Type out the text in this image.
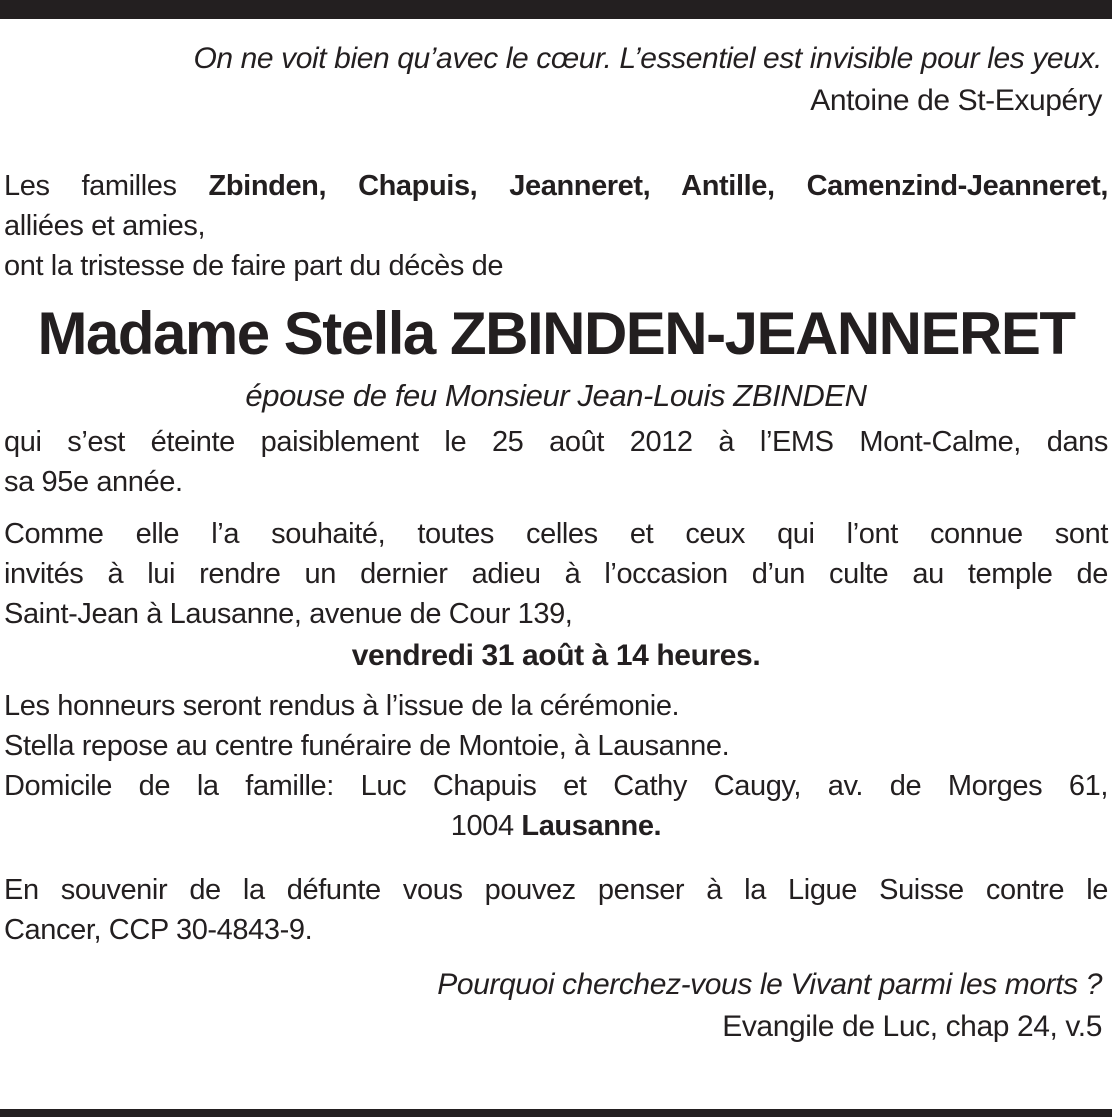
On ne voit bien qu’avec le cœur. L’essentiel est invisible pour les yeux.
Antoine de St-Exupéry
Les familles Zbinden, Chapuis, Jeanneret, Antille, Camenzind-Jeanneret,
alliées et amies,
ont la tristesse de faire part du décès de
Madame Stella ZBINDEN-JEANNERET
épouse de feu Monsieur Jean-Louis ZBINDEN
qui s’est éteinte paisiblement le 25 août 2012 à l’EMS Mont-Calme, dans
sa 95e année.
Comme elle l’a souhaité, toutes celles et ceux qui l’ont connue sont
invités à lui rendre un dernier adieu à l’occasion d’un culte au temple de
Saint-Jean à Lausanne, avenue de Cour 139,
vendredi 31 août à 14 heures.
Les honneurs seront rendus à l’issue de la cérémonie.
Stella repose au centre funéraire de Montoie, à Lausanne.
Domicile de la famille: Luc Chapuis et Cathy Caugy, av. de Morges 61,
1004 Lausanne.
En souvenir de la défunte vous pouvez penser à la Ligue Suisse contre le
Cancer, CCP 30-4843-9.
Pourquoi cherchez-vous le Vivant parmi les morts ?
Evangile de Luc, chap 24, v.5
